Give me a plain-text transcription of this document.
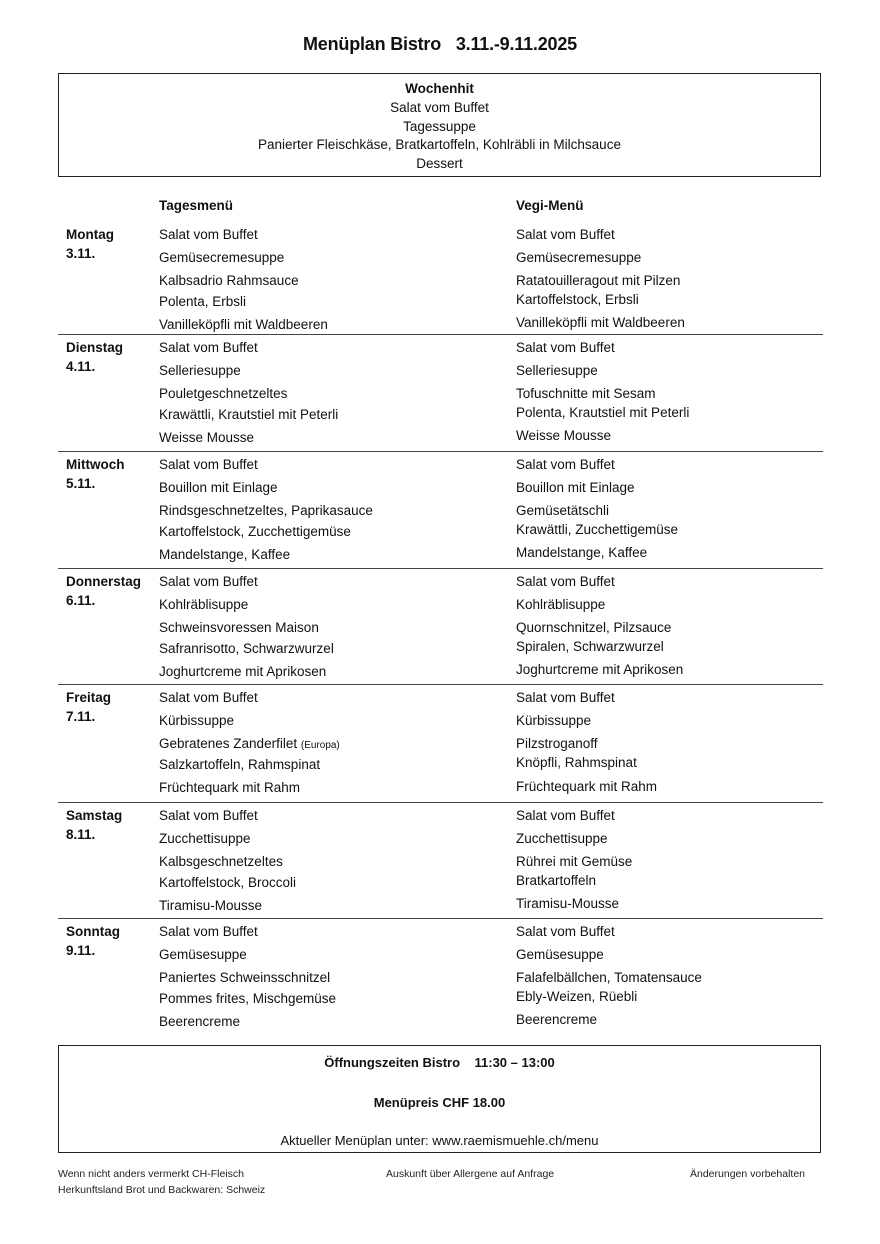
Menüplan Bistro 3.11.-9.11.2025
Wochenhit
Salat vom Buffet
Tagessuppe
Panierter Fleischkäse, Bratkartoffeln, Kohlräbli in Milchsauce
Dessert
Tagesmenü	Vegi-Menü
Montag
3.11.
Salat vom Buffet
Gemüsecremesuppe
Kalbsadrio Rahmsauce
Polenta, Erbsli
Vanilleköpfli mit Waldbeeren
Salat vom Buffet
Gemüsecremesuppe
Ratatouilleragout mit Pilzen
Kartoffelstock, Erbsli
Vanilleköpfli mit Waldbeeren
Dienstag
4.11.
Salat vom Buffet
Selleriesuppe
Pouletgeschnetzeltes
Krawättli, Krautstiel mit Peterli
Weisse Mousse
Salat vom Buffet
Selleriesuppe
Tofuschnitte mit Sesam
Polenta, Krautstiel mit Peterli
Weisse Mousse
Mittwoch
5.11.
Salat vom Buffet
Bouillon mit Einlage
Rindsgeschnetzeltes, Paprikasauce
Kartoffelstock, Zucchettigemüse
Mandelstange, Kaffee
Salat vom Buffet
Bouillon mit Einlage
Gemüsetätschli
Krawättli, Zucchettigemüse
Mandelstange, Kaffee
Donnerstag
6.11.
Salat vom Buffet
Kohlräblisuppe
Schweinsvoressen Maison
Safranrisotto, Schwarzwurzel
Joghurtcreme mit Aprikosen
Salat vom Buffet
Kohlräblisuppe
Quornschnitzel, Pilzsauce
Spiralen, Schwarzwurzel
Joghurtcreme mit Aprikosen
Freitag
7.11.
Salat vom Buffet
Kürbissuppe
Gebratenes Zanderfilet (Europa)
Salzkartoffeln, Rahmspinat
Früchtequark mit Rahm
Salat vom Buffet
Kürbissuppe
Pilzstroganoff
Knöpfli, Rahmspinat
Früchtequark mit Rahm
Samstag
8.11.
Salat vom Buffet
Zucchettisuppe
Kalbsgeschnetzeltes
Kartoffelstock, Broccoli
Tiramisu-Mousse
Salat vom Buffet
Zucchettisuppe
Rührei mit Gemüse
Bratkartoffeln
Tiramisu-Mousse
Sonntag
9.11.
Salat vom Buffet
Gemüsesuppe
Paniertes Schweinsschnitzel
Pommes frites, Mischgemüse
Beerencreme
Salat vom Buffet
Gemüsesuppe
Falafelbällchen, Tomatensauce
Ebly-Weizen, Rüebli
Beerencreme
Öffnungszeiten Bistro 11:30 – 13:00
Menüpreis CHF 18.00
Aktueller Menüplan unter: www.raemismuehle.ch/menu
Wenn nicht anders vermerkt CH-Fleisch
Herkunftsland Brot und Backwaren: Schweiz
Auskunft über Allergene auf Anfrage	Änderungen vorbehalten
